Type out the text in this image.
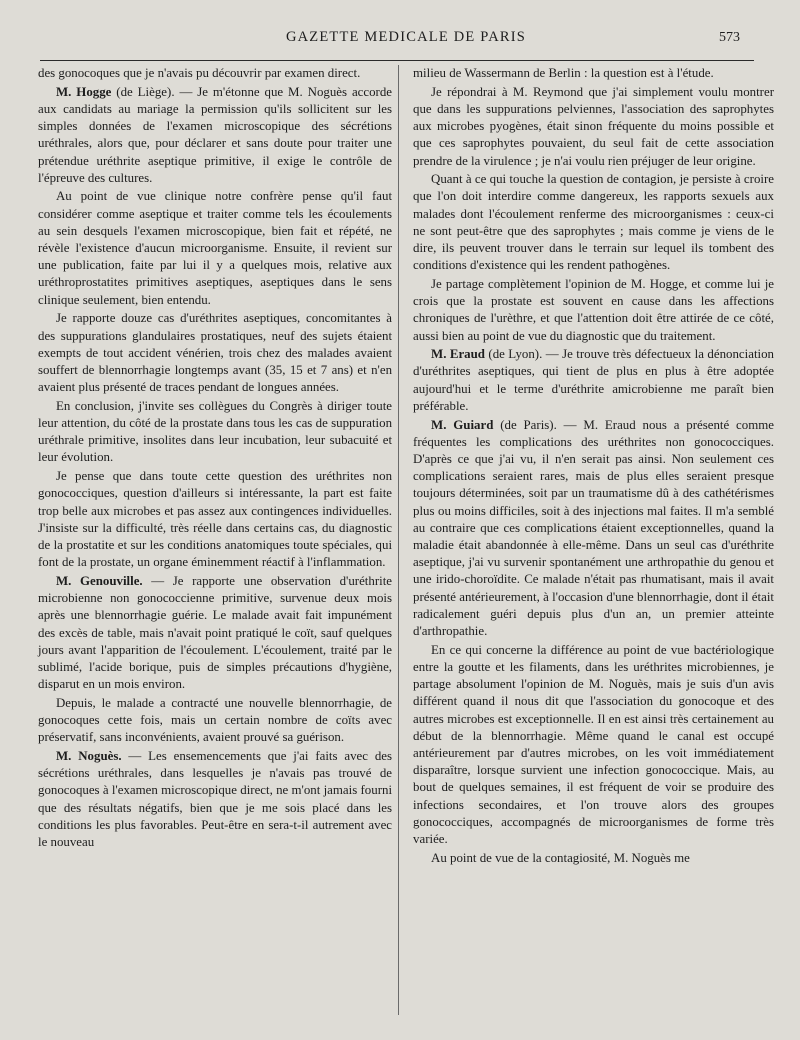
GAZETTE MEDICALE DE PARIS	573

des gonocoques que je n'avais pu découvrir par examen direct.

M. Hogge (de Liège). — Je m'étonne que M. Noguès accorde aux candidats au mariage la permission qu'ils sollicitent sur les simples données de l'examen microscopique des sécrétions uréthrales, alors que, pour déclarer et sans doute pour traiter une prétendue uréthrite aseptique primitive, il exige le contrôle de l'épreuve des cultures.

Au point de vue clinique notre confrère pense qu'il faut considérer comme aseptique et traiter comme tels les écoulements au sein desquels l'examen microscopique, bien fait et répété, ne révèle l'existence d'aucun microorganisme. Ensuite, il revient sur une publication, faite par lui il y a quelques mois, relative aux uréthroprostatites primitives aseptiques, aseptiques dans le sens clinique seulement, bien entendu.

Je rapporte douze cas d'uréthrites aseptiques, concomitantes à des suppurations glandulaires prostatiques, neuf des sujets étaient exempts de tout accident vénérien, trois chez des malades avaient souffert de blennorrhagie longtemps avant (35, 15 et 7 ans) et n'en avaient plus présenté de traces pendant de longues années.

En conclusion, j'invite ses collègues du Congrès à diriger toute leur attention, du côté de la prostate dans tous les cas de suppuration uréthrale primitive, insolites dans leur incubation, leur subacuité et leur évolution.

Je pense que dans toute cette question des uréthrites non gonococciques, question d'ailleurs si intéressante, la part est faite trop belle aux microbes et pas assez aux contingences individuelles. J'insiste sur la difficulté, très réelle dans certains cas, du diagnostic de la prostatite et sur les conditions anatomiques toute spéciales, qui font de la prostate, un organe éminemment réactif à l'inflammation.

M. Genouville. — Je rapporte une observation d'uréthrite microbienne non gonococcienne primitive, survenue deux mois après une blennorrhagie guérie. Le malade avait fait impunément des excès de table, mais n'avait point pratiqué le coït, sauf quelques jours avant l'apparition de l'écoulement. L'écoulement, traité par le sublimé, l'acide borique, puis de simples précautions d'hygiène, disparut en un mois environ.

Depuis, le malade a contracté une nouvelle blennorrhagie, de gonocoques cette fois, mais un certain nombre de coïts avec préservatif, sans inconvénients, avaient prouvé sa guérison.

M. Noguès. — Les ensemencements que j'ai faits avec des sécrétions uréthrales, dans lesquelles je n'avais pas trouvé de gonocoques à l'examen microscopique direct, ne m'ont jamais fourni que des résultats négatifs, bien que je me sois placé dans les conditions les plus favorables. Peut-être en sera-t-il autrement avec le nouveau

milieu de Wassermann de Berlin : la question est à l'étude.

Je répondrai à M. Reymond que j'ai simplement voulu montrer que dans les suppurations pelviennes, l'association des saprophytes aux microbes pyogènes, était sinon fréquente du moins possible et que ces saprophytes pouvaient, du seul fait de cette association prendre de la virulence ; je n'ai voulu rien préjuger de leur origine.

Quant à ce qui touche la question de contagion, je persiste à croire que l'on doit interdire comme dangereux, les rapports sexuels aux malades dont l'écoulement renferme des microorganismes : ceux-ci ne sont peut-être que des saprophytes ; mais comme je viens de le dire, ils peuvent trouver dans le terrain sur lequel ils tombent des conditions d'existence qui les rendent pathogènes.

Je partage complètement l'opinion de M. Hogge, et comme lui je crois que la prostate est souvent en cause dans les affections chroniques de l'urèthre, et que l'attention doit être attirée de ce côté, aussi bien au point de vue du diagnostic que du traitement.

M. Eraud (de Lyon). — Je trouve très défectueux la dénonciation d'uréthrites aseptiques, qui tient de plus en plus à être adoptée aujourd'hui et le terme d'uréthrite amicrobienne me paraît bien préférable.

M. Guiard (de Paris). — M. Eraud nous a présenté comme fréquentes les complications des uréthrites non gonococciques. D'après ce que j'ai vu, il n'en serait pas ainsi. Non seulement ces complications seraient rares, mais de plus elles seraient presque toujours déterminées, soit par un traumatisme dû à des cathétérismes plus ou moins difficiles, soit à des injections mal faites. Il m'a semblé au contraire que ces complications étaient exceptionnelles, quand la maladie était abandonnée à elle-même. Dans un seul cas d'uréthrite aseptique, j'ai vu survenir spontanément une arthropathie du genou et une irido-choroïdite. Ce malade n'était pas rhumatisant, mais il avait présenté antérieurement, à l'occasion d'une blennorrhagie, dont il était radicalement guéri depuis plus d'un an, un premier atteinte d'arthropathie.

En ce qui concerne la différence au point de vue bactériologique entre la goutte et les filaments, dans les uréthrites microbiennes, je partage absolument l'opinion de M. Noguès, mais je suis d'un avis différent quand il nous dit que l'association du gonocoque et des autres microbes est exceptionnelle. Il en est ainsi très certainement au début de la blennorrhagie. Même quand le canal est occupé antérieurement par d'autres microbes, on les voit immédiatement disparaître, lorsque survient une infection gonococcique. Mais, au bout de quelques semaines, il est fréquent de voir se produire des infections secondaires, et l'on trouve alors des groupes gonococciques, accompagnés de microorganismes de forme très variée.

Au point de vue de la contagiosité, M. Noguès me
